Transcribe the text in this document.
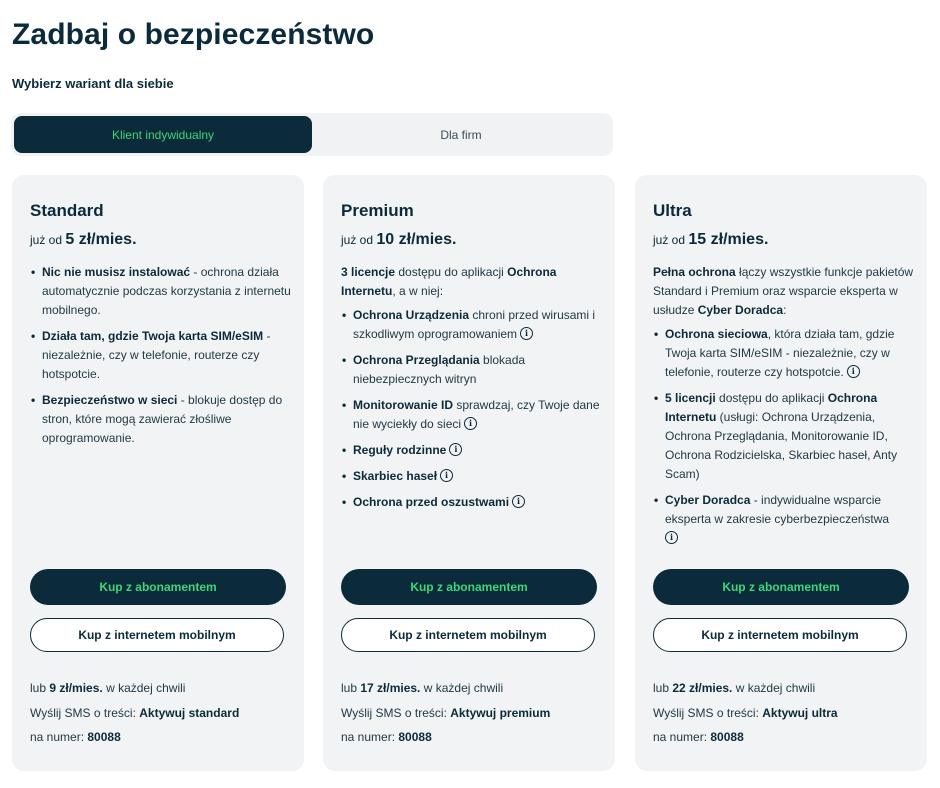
Zadbaj o bezpieczeństwo

Wybierz wariant dla siebie

Klient indywidualny	Dla firm
Standard
już od 5 zł/mies.
• Nic nie musisz instalować - ochrona działa automatycznie podczas korzystania z internetu mobilnego.
• Działa tam, gdzie Twoja karta SIM/eSIM - niezależnie, czy w telefonie, routerze czy hotspotcie.
• Bezpieczeństwo w sieci - blokuje dostęp do stron, które mogą zawierać złośliwe oprogramowanie.
Kup z abonamentem
Kup z internetem mobilnym
lub 9 zł/mies. w każdej chwili
Wyślij SMS o treści: Aktywuj standard
na numer: 80088
Premium
już od 10 zł/mies.

3 licencje dostępu do aplikacji Ochrona Internetu, a w niej:

• Ochrona Urządzenia chroni przed wirusami i szkodliwym oprogramowaniem i
• Ochrona Przeglądania blokada niebezpiecznych witryn
• Monitorowanie ID sprawdzaj, czy Twoje dane nie wyciekły do sieci i
• Reguły rodzinne i
• Skarbiec haseł i
• Ochrona przed oszustwami i
Kup z abonamentem
Kup z internetem mobilnym
lub 17 zł/mies. w każdej chwili
Wyślij SMS o treści: Aktywuj premium
na numer: 80088
Ultra
już od 15 zł/mies.

Pełna ochrona łączy wszystkie funkcje pakietów Standard i Premium oraz wsparcie eksperta w usłudze Cyber Doradca:

• Ochrona sieciowa, która działa tam, gdzie Twoja karta SIM/eSIM - niezależnie, czy w telefonie, routerze czy hotspotcie. i
• 5 licencji dostępu do aplikacji Ochrona Internetu (usługi: Ochrona Urządzenia, Ochrona Przeglądania, Monitorowanie ID, Ochrona Rodzicielska, Skarbiec haseł, Anty Scam)
• Cyber Doradca - indywidualne wsparcie eksperta w zakresie cyberbezpieczeństwa
i
Kup z abonamentem
Kup z internetem mobilnym
lub 22 zł/mies. w każdej chwili
Wyślij SMS o treści: Aktywuj ultra
na numer: 80088
